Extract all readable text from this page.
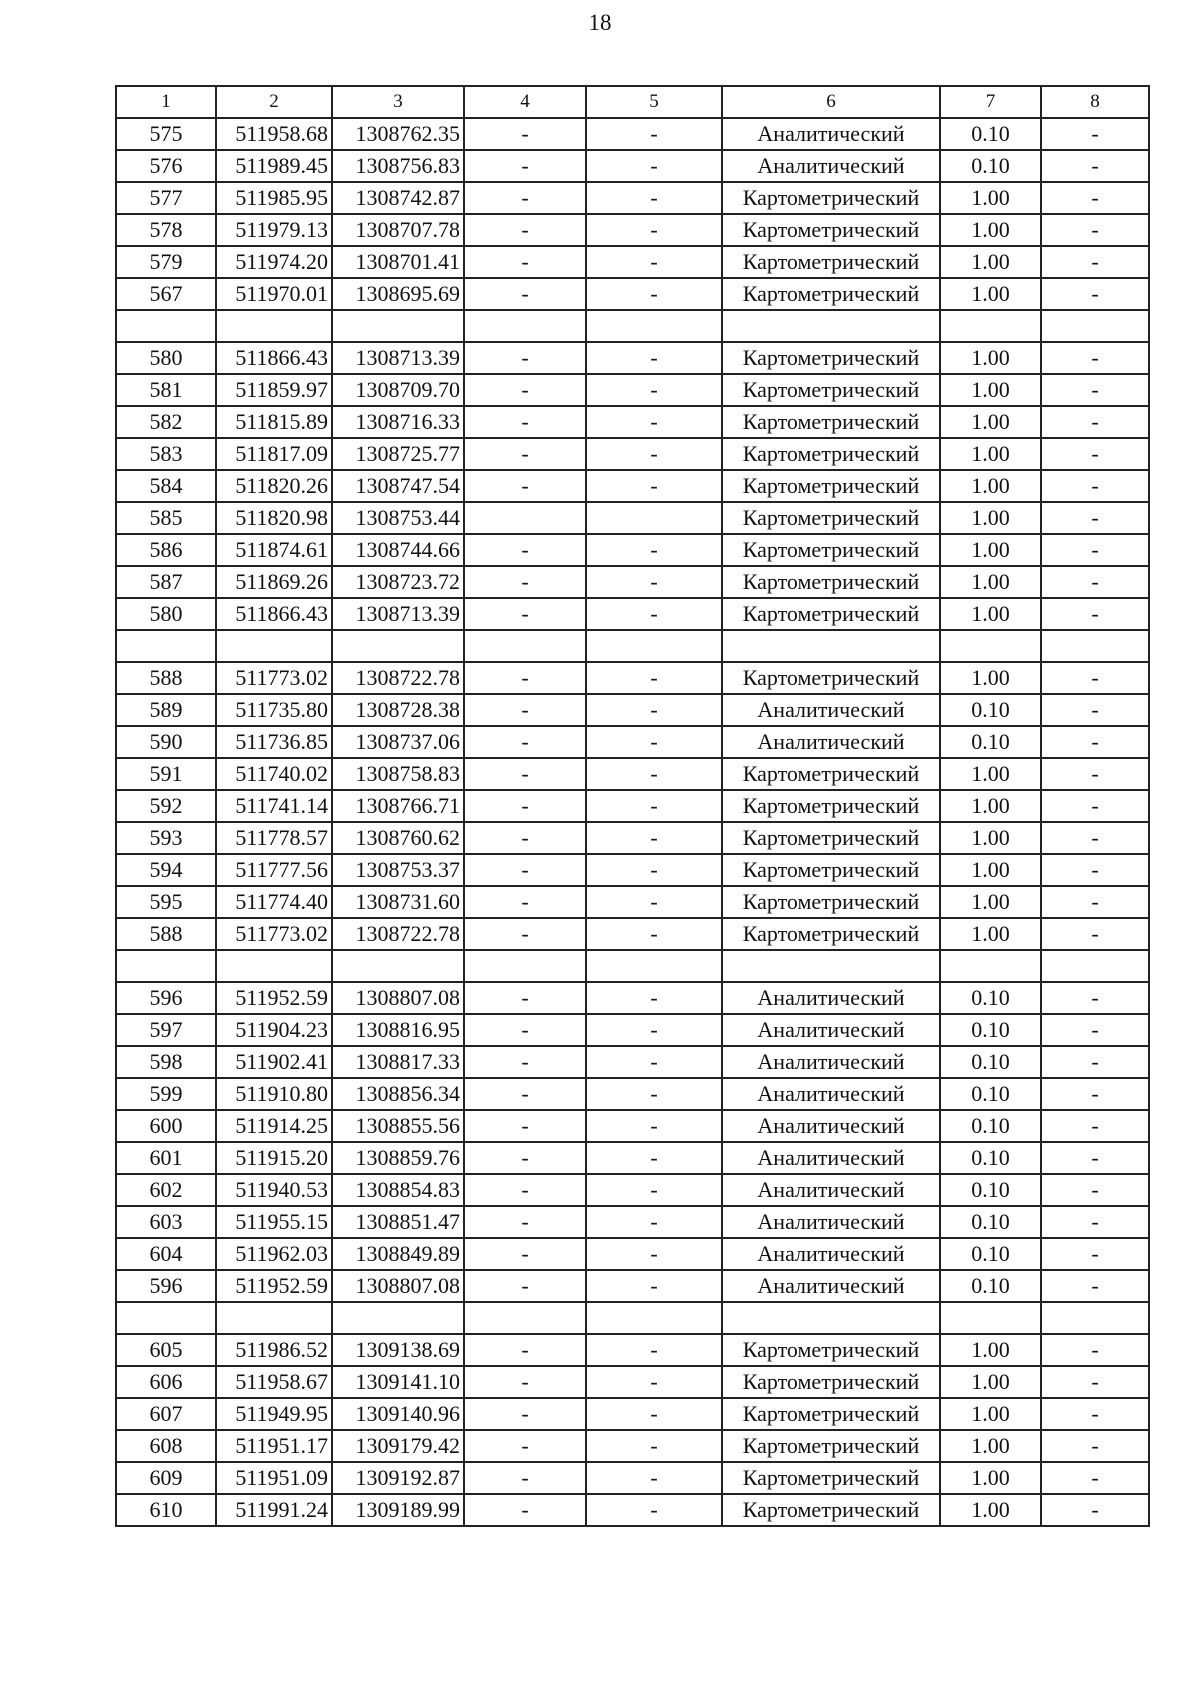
18
1	2	3	4	5	6	7	8
575	511958.68	1308762.35	-	-	Аналитический	0.10	-
576	511989.45	1308756.83	-	-	Аналитический	0.10	-
577	511985.95	1308742.87	-	-	Картометрический	1.00	-
578	511979.13	1308707.78	-	-	Картометрический	1.00	-
579	511974.20	1308701.41	-	-	Картометрический	1.00	-
567	511970.01	1308695.69	-	-	Картометрический	1.00	-

580	511866.43	1308713.39	-	-	Картометрический	1.00	-
581	511859.97	1308709.70	-	-	Картометрический	1.00	-
582	511815.89	1308716.33	-	-	Картометрический	1.00	-
583	511817.09	1308725.77	-	-	Картометрический	1.00	-
584	511820.26	1308747.54	-	-	Картометрический	1.00	-
585	511820.98	1308753.44			Картометрический	1.00	-
586	511874.61	1308744.66	-	-	Картометрический	1.00	-
587	511869.26	1308723.72	-	-	Картометрический	1.00	-
580	511866.43	1308713.39	-	-	Картометрический	1.00	-

588	511773.02	1308722.78	-	-	Картометрический	1.00	-
589	511735.80	1308728.38	-	-	Аналитический	0.10	-
590	511736.85	1308737.06	-	-	Аналитический	0.10	-
591	511740.02	1308758.83	-	-	Картометрический	1.00	-
592	511741.14	1308766.71	-	-	Картометрический	1.00	-
593	511778.57	1308760.62	-	-	Картометрический	1.00	-
594	511777.56	1308753.37	-	-	Картометрический	1.00	-
595	511774.40	1308731.60	-	-	Картометрический	1.00	-
588	511773.02	1308722.78	-	-	Картометрический	1.00	-

596	511952.59	1308807.08	-	-	Аналитический	0.10	-
597	511904.23	1308816.95	-	-	Аналитический	0.10	-
598	511902.41	1308817.33	-	-	Аналитический	0.10	-
599	511910.80	1308856.34	-	-	Аналитический	0.10	-
600	511914.25	1308855.56	-	-	Аналитический	0.10	-
601	511915.20	1308859.76	-	-	Аналитический	0.10	-
602	511940.53	1308854.83	-	-	Аналитический	0.10	-
603	511955.15	1308851.47	-	-	Аналитический	0.10	-
604	511962.03	1308849.89	-	-	Аналитический	0.10	-
596	511952.59	1308807.08	-	-	Аналитический	0.10	-

605	511986.52	1309138.69	-	-	Картометрический	1.00	-
606	511958.67	1309141.10	-	-	Картометрический	1.00	-
607	511949.95	1309140.96	-	-	Картометрический	1.00	-
608	511951.17	1309179.42	-	-	Картометрический	1.00	-
609	511951.09	1309192.87	-	-	Картометрический	1.00	-
610	511991.24	1309189.99	-	-	Картометрический	1.00	-
